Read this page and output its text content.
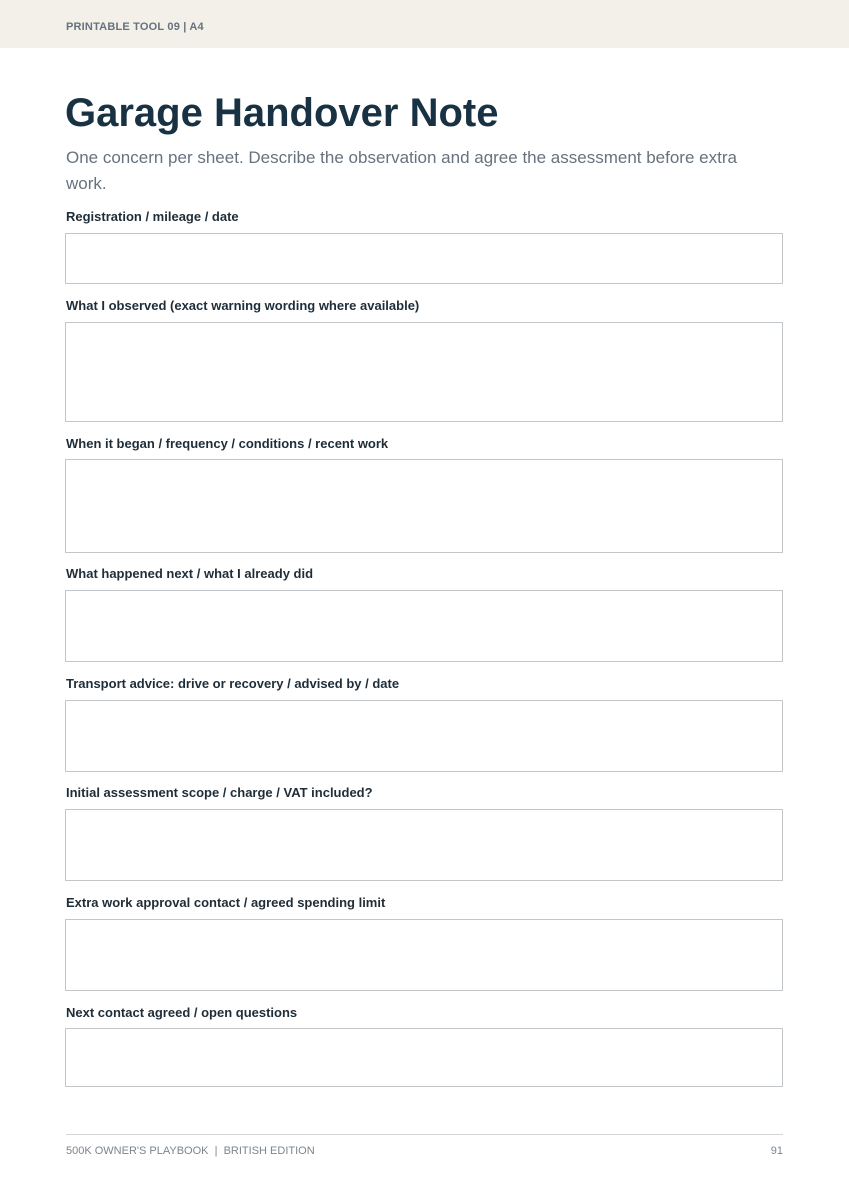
PRINTABLE TOOL 09 | A4
Garage Handover Note

One concern per sheet. Describe the observation and agree the assessment before extra work.

Registration / mileage / date
What I observed (exact warning wording where available)
When it began / frequency / conditions / recent work
What happened next / what I already did
Transport advice: drive or recovery / advised by / date
Initial assessment scope / charge / VAT included?
Extra work approval contact / agreed spending limit
Next contact agreed / open questions
500K OWNER'S PLAYBOOK  |  BRITISH EDITION	91
